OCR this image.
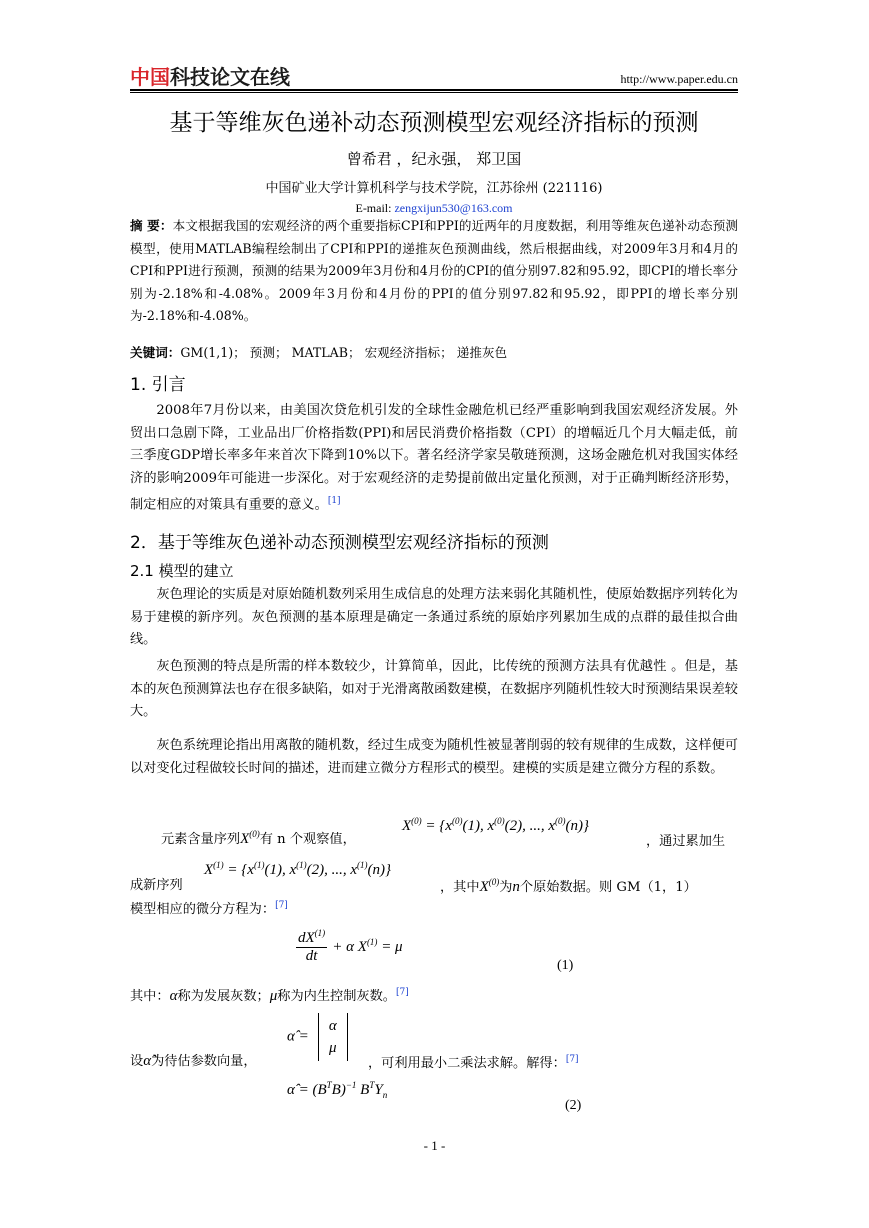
中国科技论文在线	http://www.paper.edu.cn
基于等维灰色递补动态预测模型宏观经济指标的预测
曾希君 ，纪永强， 郑卫国
中国矿业大学计算机科学与技术学院，江苏徐州 (221116)
E-mail: zengxijun530@163.com
摘 要：本文根据我国的宏观经济的两个重要指标CPI和PPI的近两年的月度数据，利用等维灰色递补动态预测模型，使用MATLAB编程绘制出了CPI和PPI的递推灰色预测曲线，然后根据曲线，对2009年3月和4月的CPI和PPI进行预测，预测的结果为2009年3月份和4月份的CPI的值分别97.82和95.92，即CPI的增长率分别为-2.18%和-4.08%。2009年3月份和4月份的PPI的值分别97.82和95.92，即PPI的增长率分别为-2.18%和-4.08%。
关键词：GM(1,1)； 预测； MATLAB； 宏观经济指标； 递推灰色
1. 引言
2008年7月份以来，由美国次贷危机引发的全球性金融危机已经严重影响到我国宏观经济发展。外贸出口急剧下降，工业品出厂价格指数(PPI)和居民消费价格指数（CPI）的增幅近几个月大幅走低，前三季度GDP增长率多年来首次下降到10%以下。著名经济学家吴敬琏预测，这场金融危机对我国实体经济的影响2009年可能进一步深化。对于宏观经济的走势提前做出定量化预测，对于正确判断经济形势，制定相应的对策具有重要的意义。[1]
2．基于等维灰色递补动态预测模型宏观经济指标的预测
2.1 模型的建立
灰色理论的实质是对原始随机数列采用生成信息的处理方法来弱化其随机性，使原始数据序列转化为易于建模的新序列。灰色预测的基本原理是确定一条通过系统的原始序列累加生成的点群的最佳拟合曲线。
灰色预测的特点是所需的样本数较少，计算简单，因此，比传统的预测方法具有优越性 。但是，基本的灰色预测算法也存在很多缺陷，如对于光滑离散函数建模，在数据序列随机性较大时预测结果误差较大。
灰色系统理论指出用离散的随机数，经过生成变为随机性被显著削弱的较有规律的生成数，这样便可以对变化过程做较长时间的描述，进而建立微分方程形式的模型。建模的实质是建立微分方程的系数。
元素含量序列$X^{(0)}$有 n 个观察值，
$X^{(0)} = \{x^{(0)}(1)$, $x^{(0)}(2)$, ..., $x^{(0)}(n)$}
，通过累加生
成新序列
$X^{(1)} = \{x^{(1)}(1)$, $x^{(1)}(2)$, ..., $x^{(1)}(n)$}
，其中$X^{(0)}$为n个原始数据。则 GM（1，1）
模型相应的微分方程为：[7]
$\frac{dX^{(1)}}{dt} + \alpha$ $X^{(1)} = \mu$
(1)
其中：α称为发展灰数；μ称为内生控制灰数。[7]
设α̂为待估参数向量，
α̂ =
α
μ
，可利用最小二乘法求解。解得：[7]
α̂ = $(B^TB)^{-1}$ $B^TY_n$
(2)
- 1 -
